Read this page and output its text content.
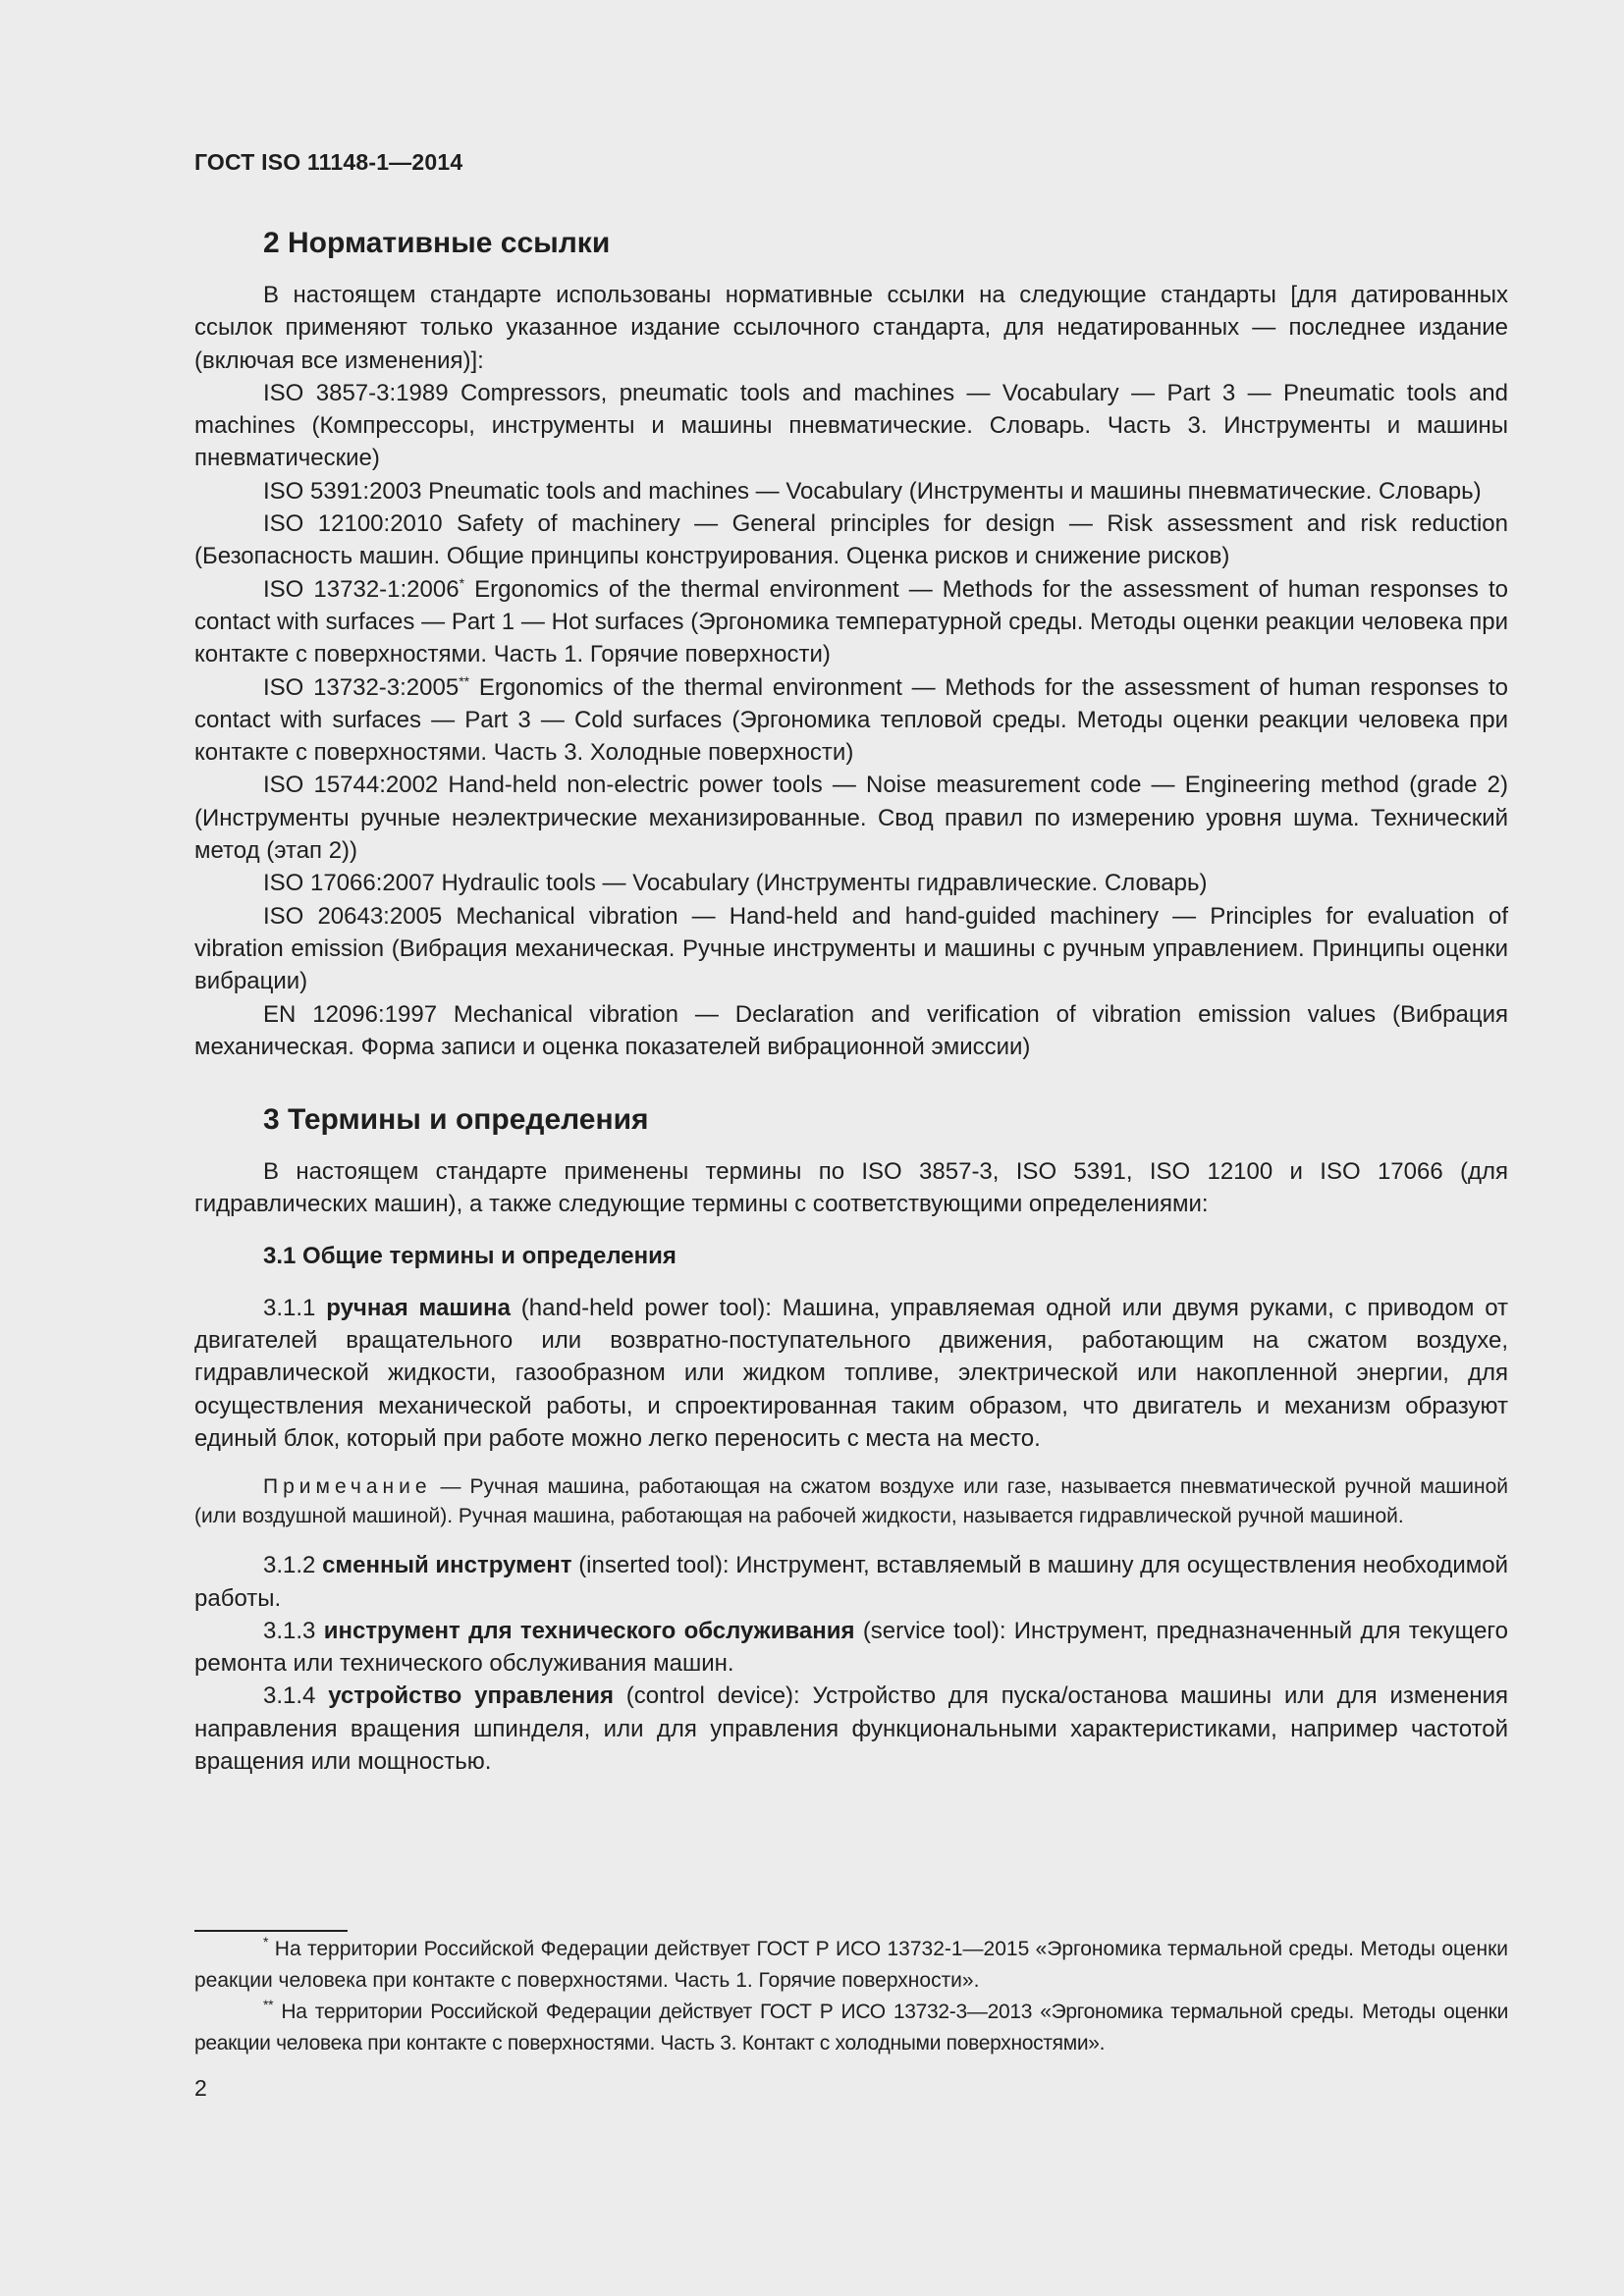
ГОСТ ISO 11148-1—2014
2 Нормативные ссылки

В настоящем стандарте использованы нормативные ссылки на следующие стандарты [для датированных ссылок применяют только указанное издание ссылочного стандарта, для недатированных — последнее издание (включая все изменения)]:

ISO 3857-3:1989 Compressors, pneumatic tools and machines — Vocabulary — Part 3 — Pneumatic tools and machines (Компрессоры, инструменты и машины пневматические. Словарь. Часть 3. Инструменты и машины пневматические)

ISO 5391:2003 Pneumatic tools and machines — Vocabulary (Инструменты и машины пневматические. Словарь)

ISO 12100:2010 Safety of machinery — General principles for design — Risk assessment and risk reduction (Безопасность машин. Общие принципы конструирования. Оценка рисков и снижение рисков)

ISO 13732-1:2006* Ergonomics of the thermal environment — Methods for the assessment of human responses to contact with surfaces — Part 1 — Hot surfaces (Эргономика температурной среды. Методы оценки реакции человека при контакте с поверхностями. Часть 1. Горячие поверхности)

ISO 13732-3:2005** Ergonomics of the thermal environment — Methods for the assessment of human responses to contact with surfaces — Part 3 — Cold surfaces (Эргономика тепловой среды. Методы оценки реакции человека при контакте с поверхностями. Часть 3. Холодные поверхности)

ISO 15744:2002 Hand-held non-electric power tools — Noise measurement code — Engineering method (grade 2) (Инструменты ручные неэлектрические механизированные. Свод правил по измерению уровня шума. Технический метод (этап 2))

ISO 17066:2007 Hydraulic tools — Vocabulary (Инструменты гидравлические. Словарь)

ISO 20643:2005 Mechanical vibration — Hand-held and hand-guided machinery — Principles for evaluation of vibration emission (Вибрация механическая. Ручные инструменты и машины с ручным управлением. Принципы оценки вибрации)

EN 12096:1997 Mechanical vibration — Declaration and verification of vibration emission values (Вибрация механическая. Форма записи и оценка показателей вибрационной эмиссии)

3 Термины и определения

В настоящем стандарте применены термины по ISO 3857-3, ISO 5391, ISO 12100 и ISO 17066 (для гидравлических машин), а также следующие термины с соответствующими определениями:

3.1 Общие термины и определения

3.1.1 ручная машина (hand-held power tool): Машина, управляемая одной или двумя руками, с приводом от двигателей вращательного или возвратно-поступательного движения, работающим на сжатом воздухе, гидравлической жидкости, газообразном или жидком топливе, электрической или накопленной энергии, для осуществления механической работы, и спроектированная таким образом, что двигатель и механизм образуют единый блок, который при работе можно легко переносить с места на место.

Примечание — Ручная машина, работающая на сжатом воздухе или газе, называется пневматической ручной машиной (или воздушной машиной). Ручная машина, работающая на рабочей жидкости, называется гидравлической ручной машиной.

3.1.2 сменный инструмент (inserted tool): Инструмент, вставляемый в машину для осуществления необходимой работы.

3.1.3 инструмент для технического обслуживания (service tool): Инструмент, предназначенный для текущего ремонта или технического обслуживания машин.

3.1.4 устройство управления (control device): Устройство для пуска/останова машины или для изменения направления вращения шпинделя, или для управления функциональными характеристиками, например частотой вращения или мощностью.

* На территории Российской Федерации действует ГОСТ Р ИСО 13732-1—2015 «Эргономика термальной среды. Методы оценки реакции человека при контакте с поверхностями. Часть 1. Горячие поверхности».

** На территории Российской Федерации действует ГОСТ Р ИСО 13732-3—2013 «Эргономика термальной среды. Методы оценки реакции человека при контакте с поверхностями. Часть 3. Контакт с холодными поверхностями».

2
